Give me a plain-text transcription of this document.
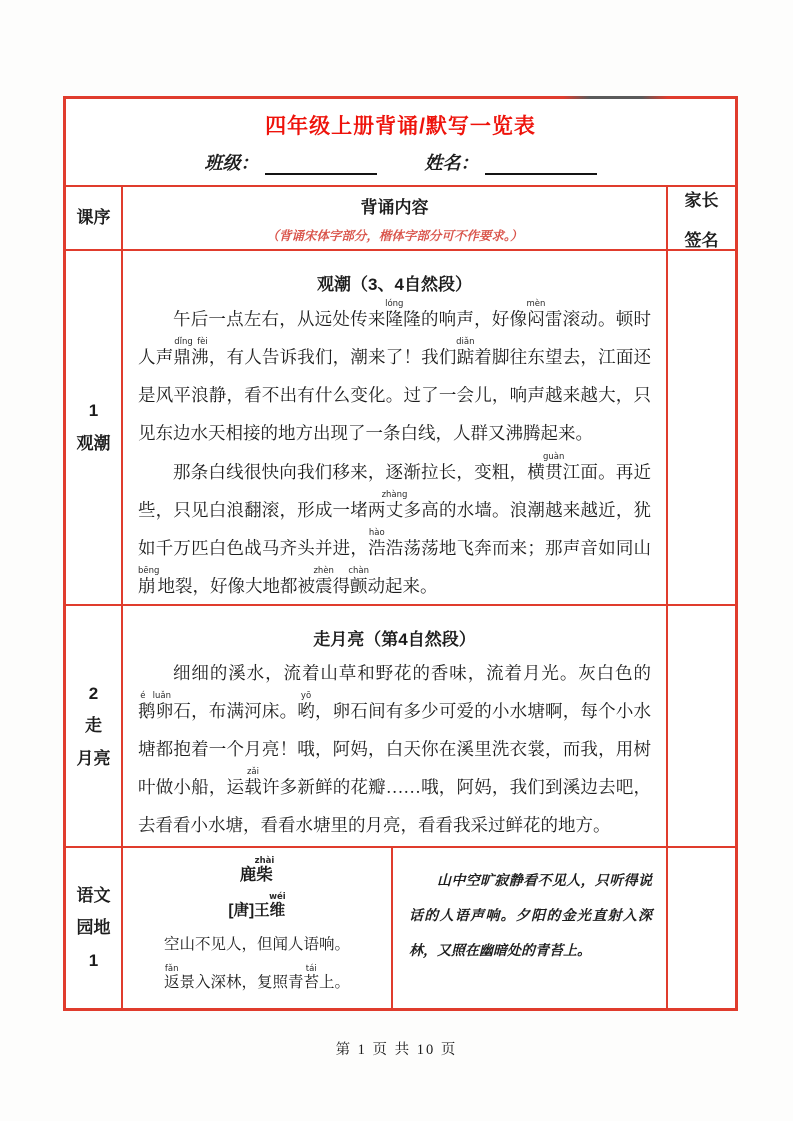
四年级上册背诵/默写一览表
班级：	姓名：
课序
背诵内容
（背诵宋体字部分，楷体字部分可不作要求。）
家长
签名
1
观潮
观潮（3、4自然段）

午后一点左右，从远处传来隆lóng隆的响声，好像闷mèn雷滚动。顿时人声鼎沸dǐng fèi，有人告诉我们，潮来了！我们踮diǎn着脚往东望去，江面还是风平浪静，看不出有什么变化。过了一会儿，响声越来越大，只见东边水天相接的地方出现了一条白线，人群又沸腾起来。

那条白线很快向我们移来，逐渐拉长，变粗，横贯guàn江面。再近些，只见白浪翻滚，形成一堵两丈zhàng多高的水墙。浪潮越来越近，犹如千万匹白色战马齐头并进，浩hào浩荡荡地飞奔而来；那声音如同山崩bēng地裂，好像大地都被震zhèn得颤chàn动起来。

2
走
月亮
走月亮（第4自然段）

细细的溪水，流着山草和野花的香味，流着月光。灰白色的鹅卵é luǎn石，布满河床。哟yō，卵石间有多少可爱的小水塘啊，每个小水塘都抱着一个月亮！哦，阿妈，白天你在溪里洗衣裳，而我，用树叶做小船，运载zǎi许多新鲜的花瓣……哦，阿妈，我们到溪边去吧，去看看小水塘，看看水塘里的月亮，看看我采过鲜花的地方。

语文
园地
1
鹿柴zhài
[唐]王维wéi
空山不见人，但闻人语响。
返fǎn景入深林，复照青苔tái上。

山中空旷寂静看不见人，只听得说话的人语声响。夕阳的金光直射入深林，又照在幽暗处的青苔上。

第 1 页 共 10 页
